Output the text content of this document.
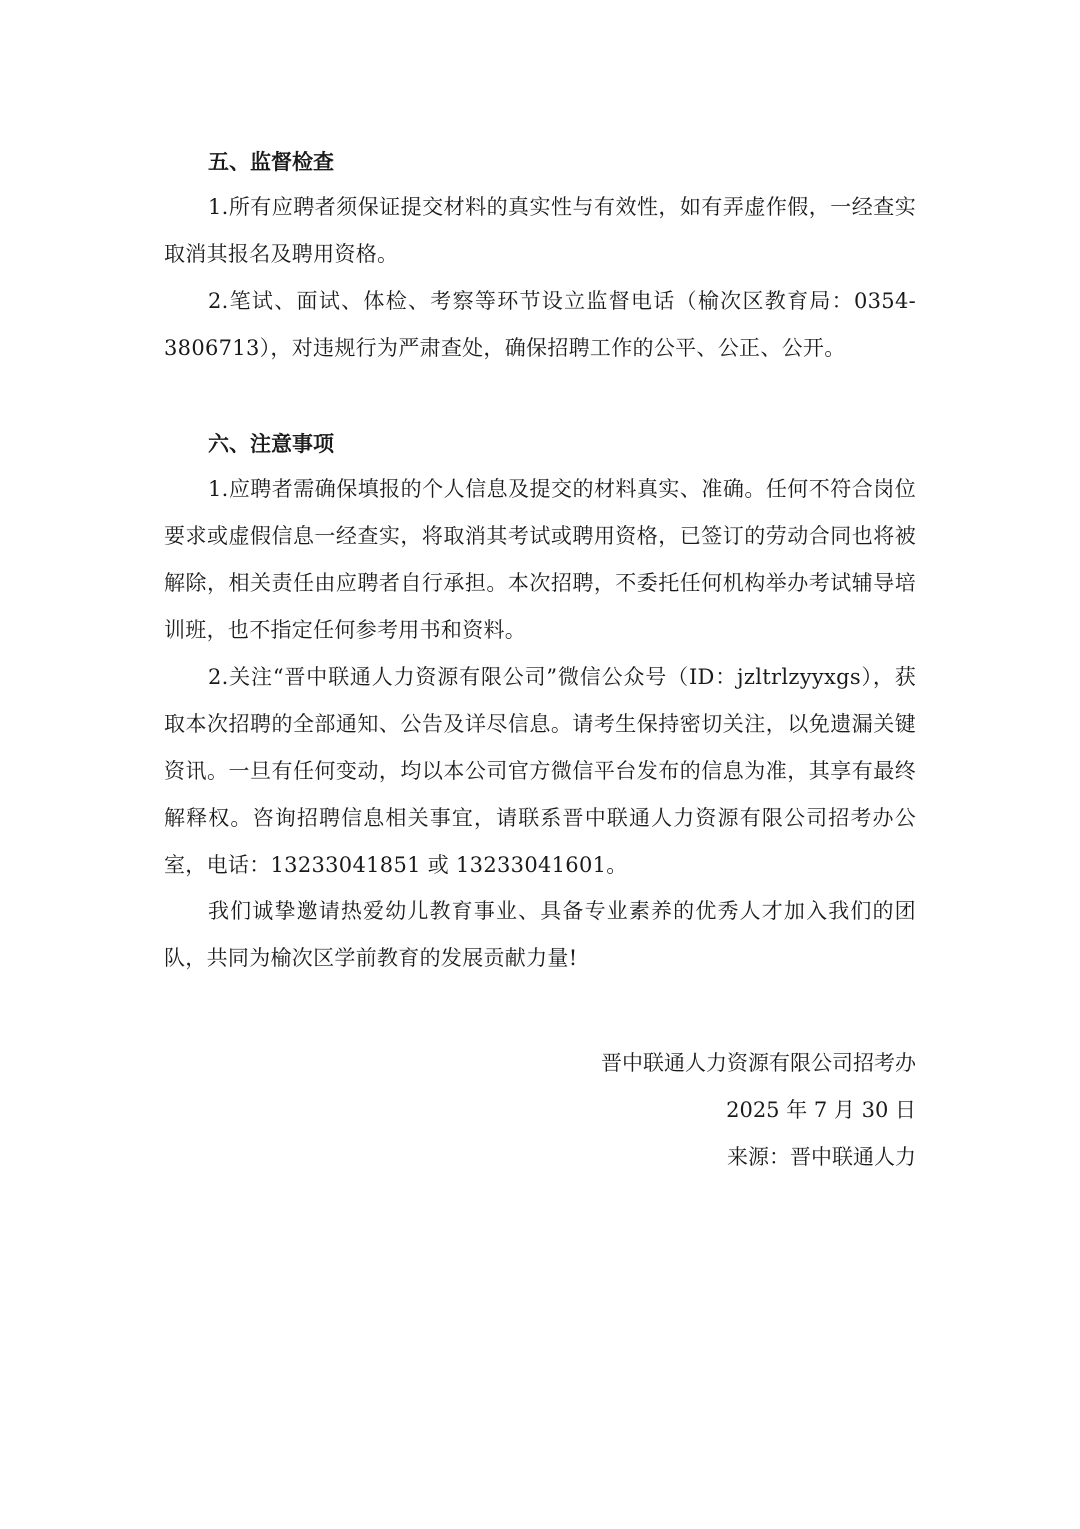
五、监督检查

1.所有应聘者须保证提交材料的真实性与有效性，如有弄虚作假，一经查实取消其报名及聘用资格。

2.笔试、面试、体检、考察等环节设立监督电话（榆次区教育局：0354-3806713），对违规行为严肃查处，确保招聘工作的公平、公正、公开。

六、注意事项

1.应聘者需确保填报的个人信息及提交的材料真实、准确。任何不符合岗位要求或虚假信息一经查实，将取消其考试或聘用资格，已签订的劳动合同也将被解除，相关责任由应聘者自行承担。本次招聘，不委托任何机构举办考试辅导培训班，也不指定任何参考用书和资料。

2.关注“晋中联通人力资源有限公司”微信公众号（ID：jzltrlzyyxgs），获取本次招聘的全部通知、公告及详尽信息。请考生保持密切关注，以免遗漏关键资讯。一旦有任何变动，均以本公司官方微信平台发布的信息为准，其享有最终解释权。咨询招聘信息相关事宜，请联系晋中联通人力资源有限公司招考办公室，电话：13233041851 或 13233041601。

我们诚挚邀请热爱幼儿教育事业、具备专业素养的优秀人才加入我们的团队，共同为榆次区学前教育的发展贡献力量!

晋中联通人力资源有限公司招考办

2025 年 7 月 30 日

来源：晋中联通人力
